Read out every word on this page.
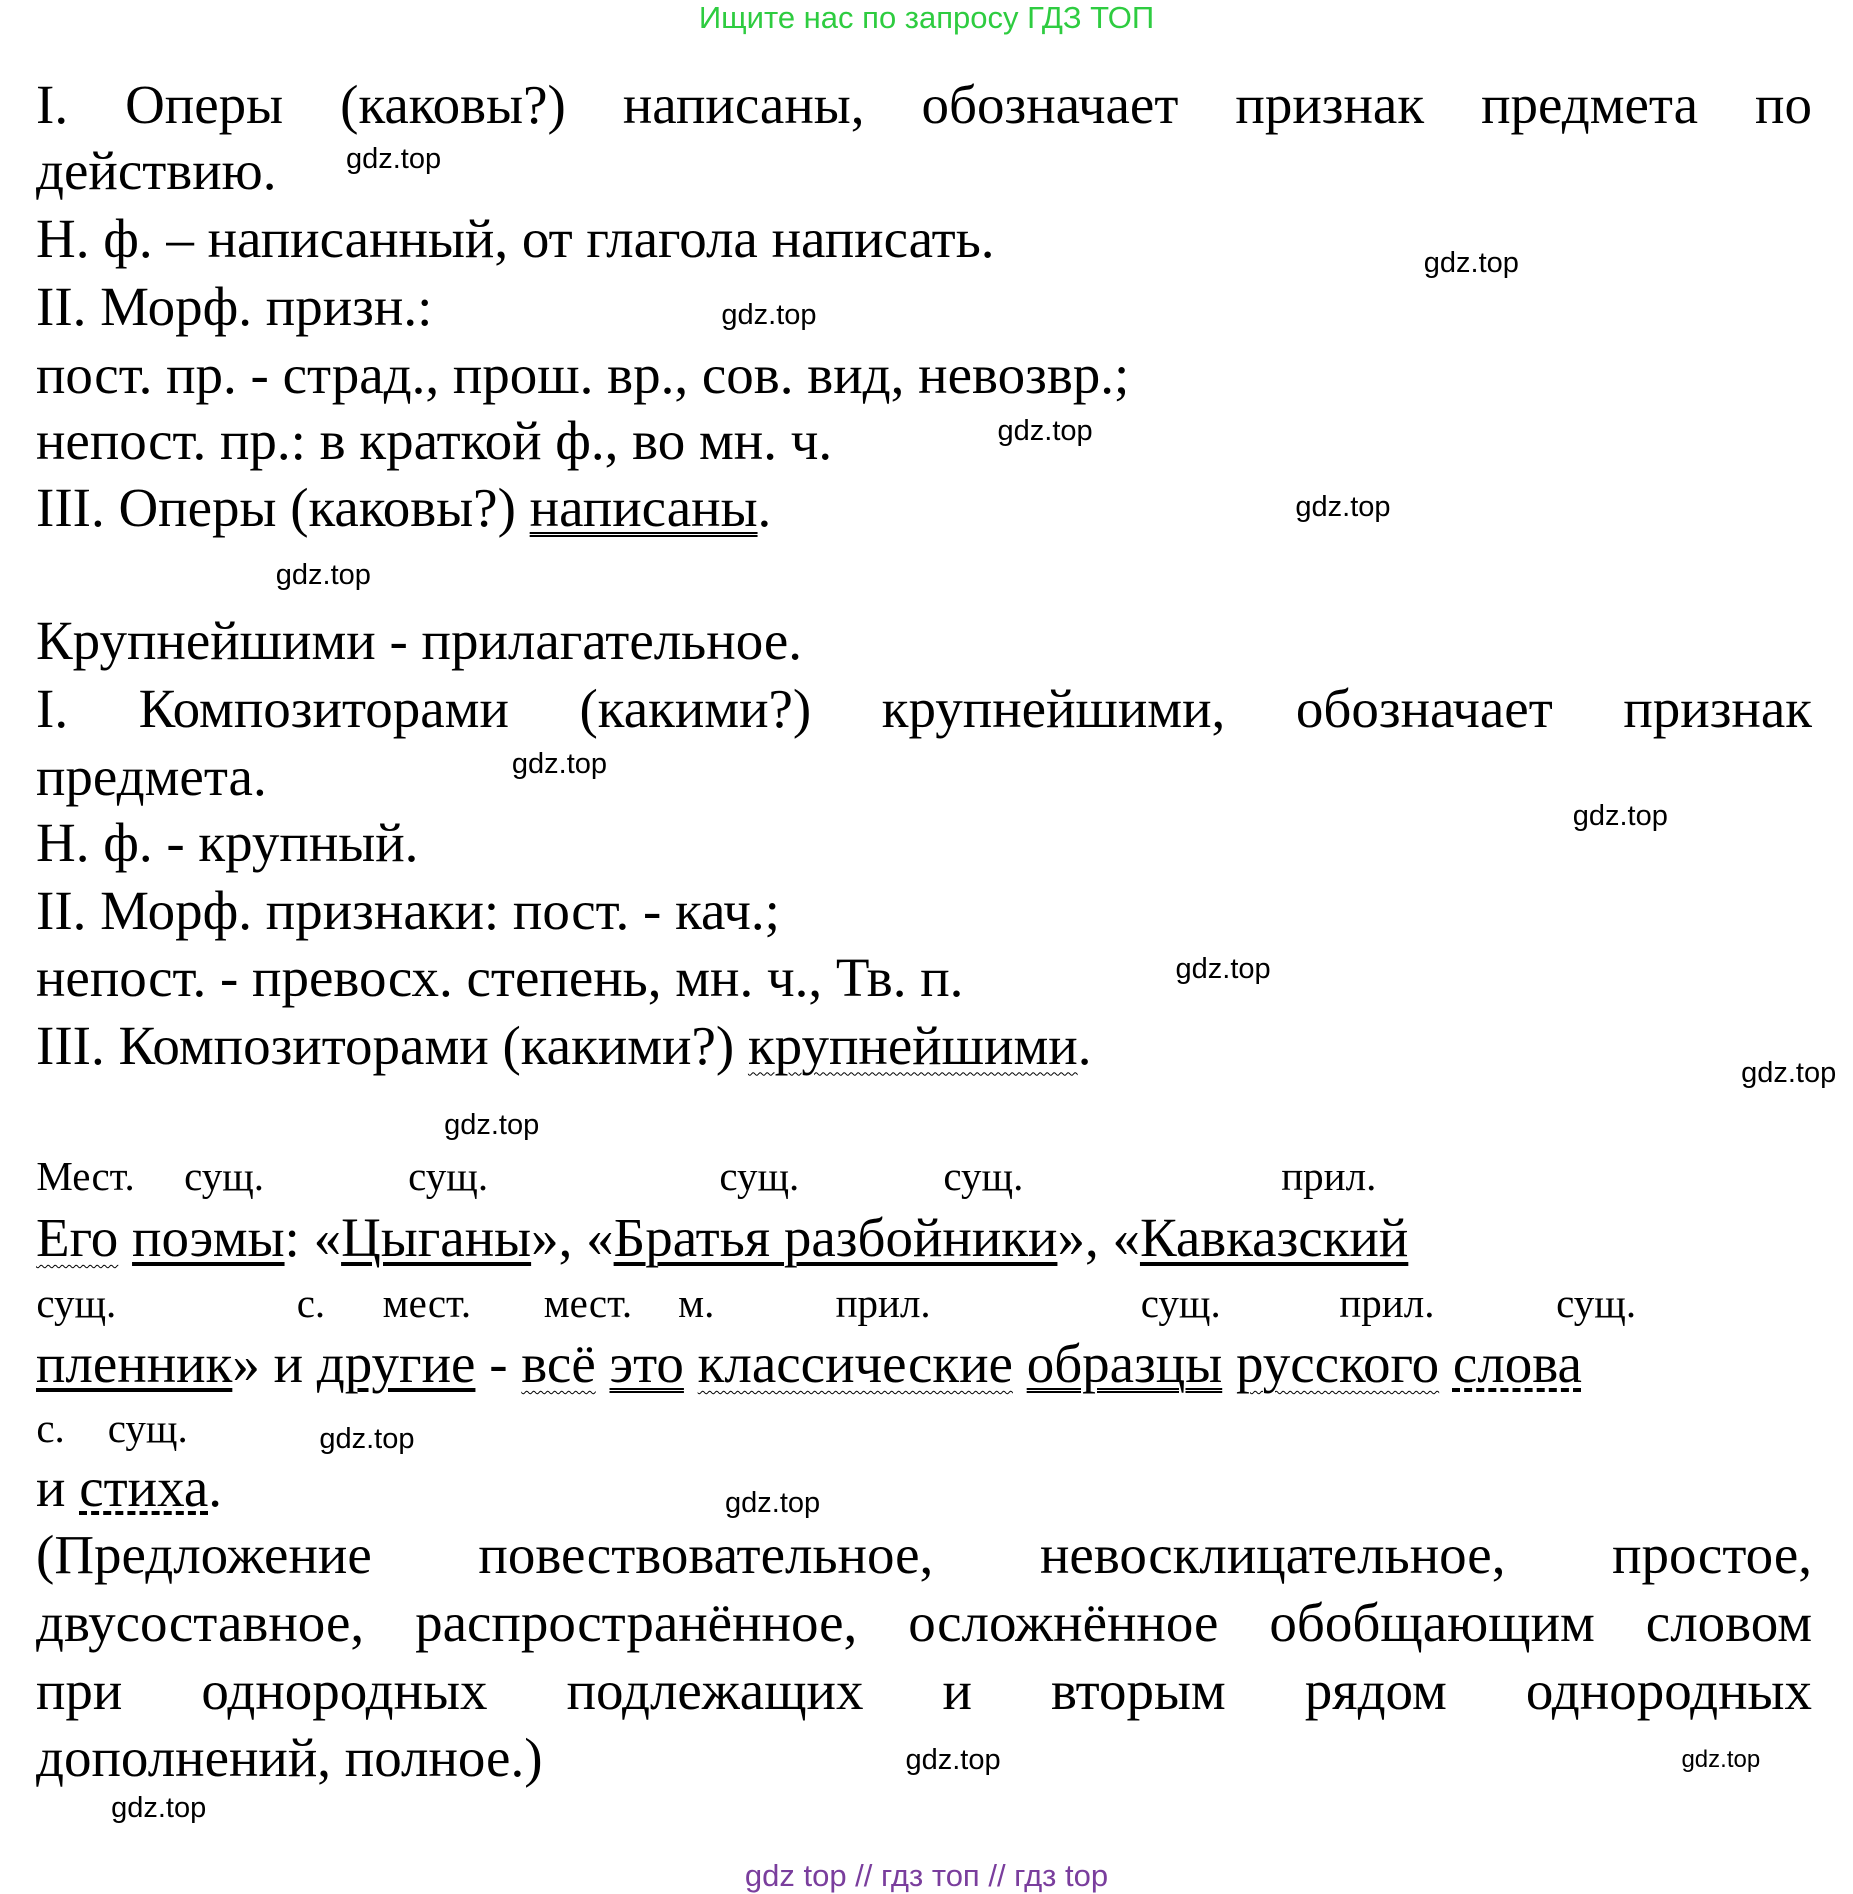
Ищите нас по запросу ГДЗ ТОП
I. Оперы (каковы?) написаны, обозначает признак предмета по
действию.
Н. ф. – написанный, от глагола написать.
II. Морф. призн.:
пост. пр. - страд., прош. вр., сов. вид, невозвр.;
непост. пр.: в краткой ф., во мн. ч.
III. Оперы (каковы?) написаны.
Крупнейшими - прилагательное.
I. Композиторами (какими?) крупнейшими, обозначает признак
предмета.
Н. ф. - крупный.
II. Морф. признаки: пост. - кач.;
непост. - превосх. степень, мн. ч., Тв. п.
III. Композиторами (какими?) крупнейшими.
Его поэмы: «Цыганы», «Братья разбойники», «Кавказский
пленник» и другие - всё это классические образцы русского слова
и стиха.
(Предложение повествовательное, невосклицательное, простое,
двусоставное, распространённое, осложнённое обобщающим словом
при однородных подлежащих и вторым рядом однородных
дополнений, полное.)
Мест. сущ.	сущ.	сущ.	сущ.	прил.
сущ.	с. мест. мест. м.	прил.	сущ.	прил.	сущ.
с. сущ.
gdz.top
gdz.top
gdz.top
gdz.top
gdz.top
gdz.top
gdz.top
gdz.top
gdz.top
gdz.top
gdz.top
gdz.top
gdz.top
gdz.top
gdz.top
gdz.top
gdz top // гдз топ // гдз top
